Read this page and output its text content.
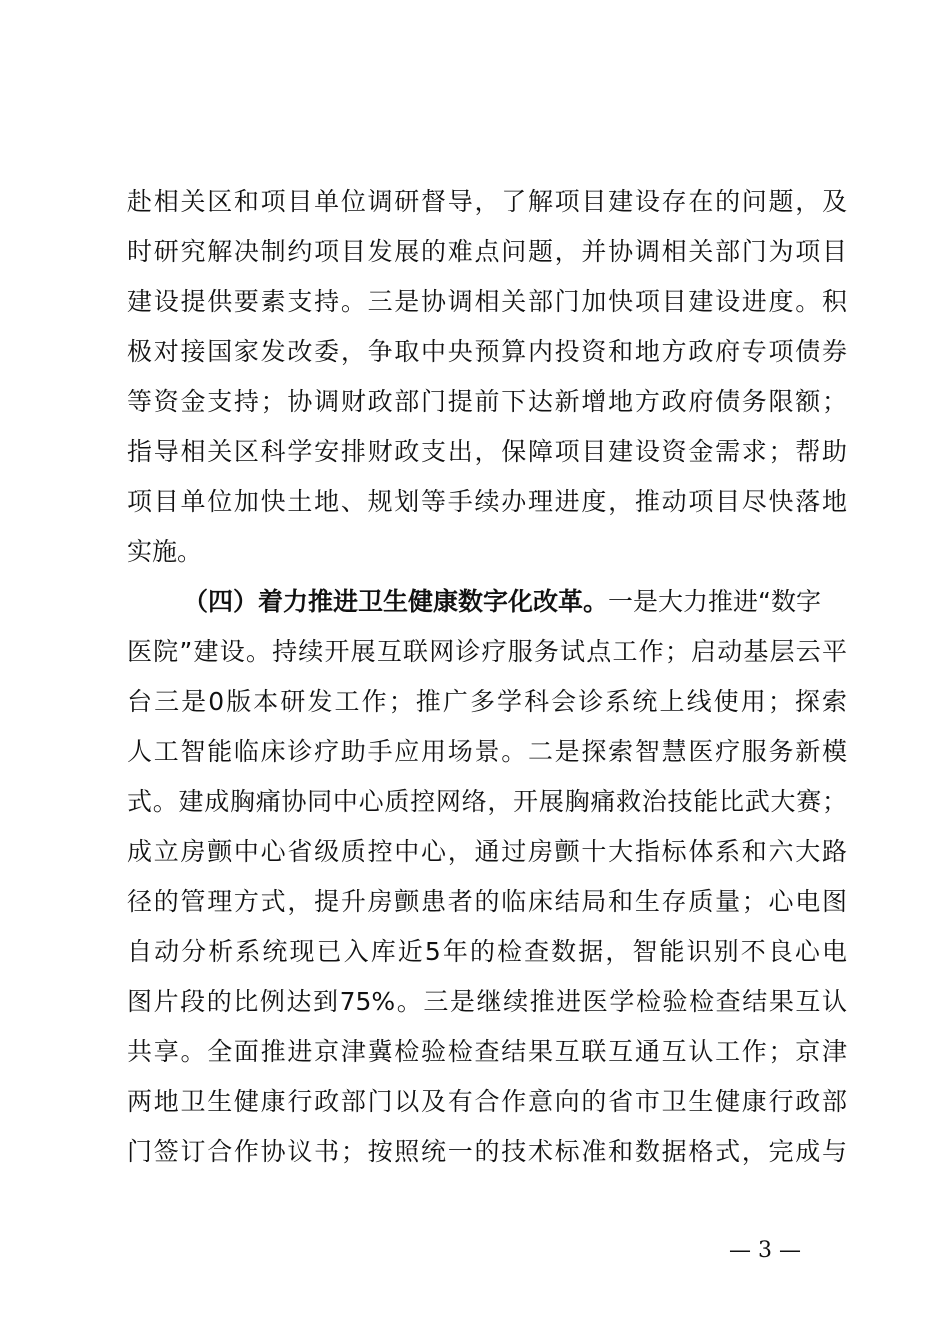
赴相关区和项目单位调研督导，了解项目建设存在的问题，及
时研究解决制约项目发展的难点问题，并协调相关部门为项目
建设提供要素支持。三是协调相关部门加快项目建设进度。积
极对接国家发改委，争取中央预算内投资和地方政府专项债券
等资金支持；协调财政部门提前下达新增地方政府债务限额；
指导相关区科学安排财政支出，保障项目建设资金需求；帮助
项目单位加快土地、规划等手续办理进度，推动项目尽快落地
实施。
（四）着力推进卫生健康数字化改革。一是大力推进“数字
医院”建设。持续开展互联网诊疗服务试点工作；启动基层云平
台三是0版本研发工作；推广多学科会诊系统上线使用；探索
人工智能临床诊疗助手应用场景。二是探索智慧医疗服务新模
式。建成胸痛协同中心质控网络，开展胸痛救治技能比武大赛；
成立房颤中心省级质控中心，通过房颤十大指标体系和六大路
径的管理方式，提升房颤患者的临床结局和生存质量；心电图
自动分析系统现已入库近5年的检查数据，智能识别不良心电
图片段的比例达到75%。三是继续推进医学检验检查结果互认
共享。全面推进京津冀检验检查结果互联互通互认工作；京津
两地卫生健康行政部门以及有合作意向的省市卫生健康行政部
门签订合作协议书；按照统一的技术标准和数据格式，完成与
— 3 —
